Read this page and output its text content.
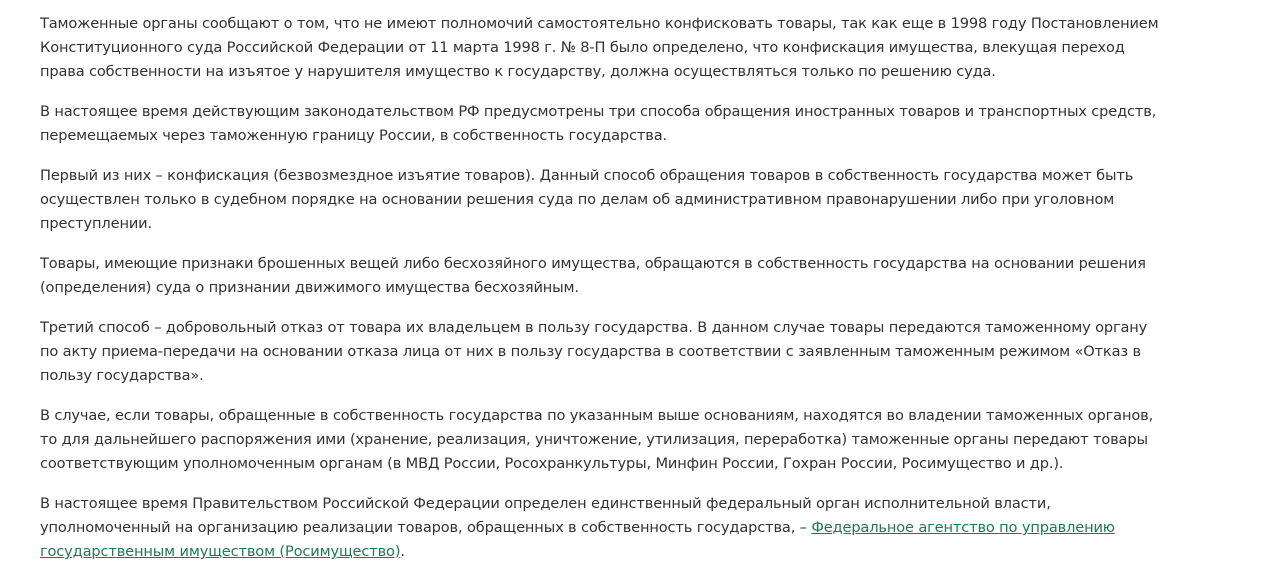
Таможенные органы сообщают о том, что не имеют полномочий самостоятельно конфисковать товары, так как еще в 1998 году Постановлением Конституционного суда Российской Федерации от 11 марта 1998 г. № 8-П было определено, что конфискация имущества, влекущая переход права собственности на изъятое у нарушителя имущество к государству, должна осуществляться только по решению суда.

В настоящее время действующим законодательством РФ предусмотрены три способа обращения иностранных товаров и транспортных средств, перемещаемых через таможенную границу России, в собственность государства.

Первый из них – конфискация (безвозмездное изъятие товаров). Данный способ обращения товаров в собственность государства может быть осуществлен только в судебном порядке на основании решения суда по делам об административном правонарушении либо при уголовном преступлении.

Товары, имеющие признаки брошенных вещей либо бесхозяйного имущества, обращаются в собственность государства на основании решения (определения) суда о признании движимого имущества бесхозяйным.

Третий способ – добровольный отказ от товара их владельцем в пользу государства. В данном случае товары передаются таможенному органу по акту приема-передачи на основании отказа лица от них в пользу государства в соответствии с заявленным таможенным режимом «Отказ в пользу государства».

В случае, если товары, обращенные в собственность государства по указанным выше основаниям, находятся во владении таможенных органов, то для дальнейшего распоряжения ими (хранение, реализация, уничтожение, утилизация, переработка) таможенные органы передают товары соответствующим уполномоченным органам (в МВД России, Росохранкультуры, Минфин России, Гохран России, Росимущество и др.).

В настоящее время Правительством Российской Федерации определен единственный федеральный орган исполнительной власти, уполномоченный на организацию реализации товаров, обращенных в собственность государства, – Федеральное агентство по управлению государственным имуществом (Росимущество).
